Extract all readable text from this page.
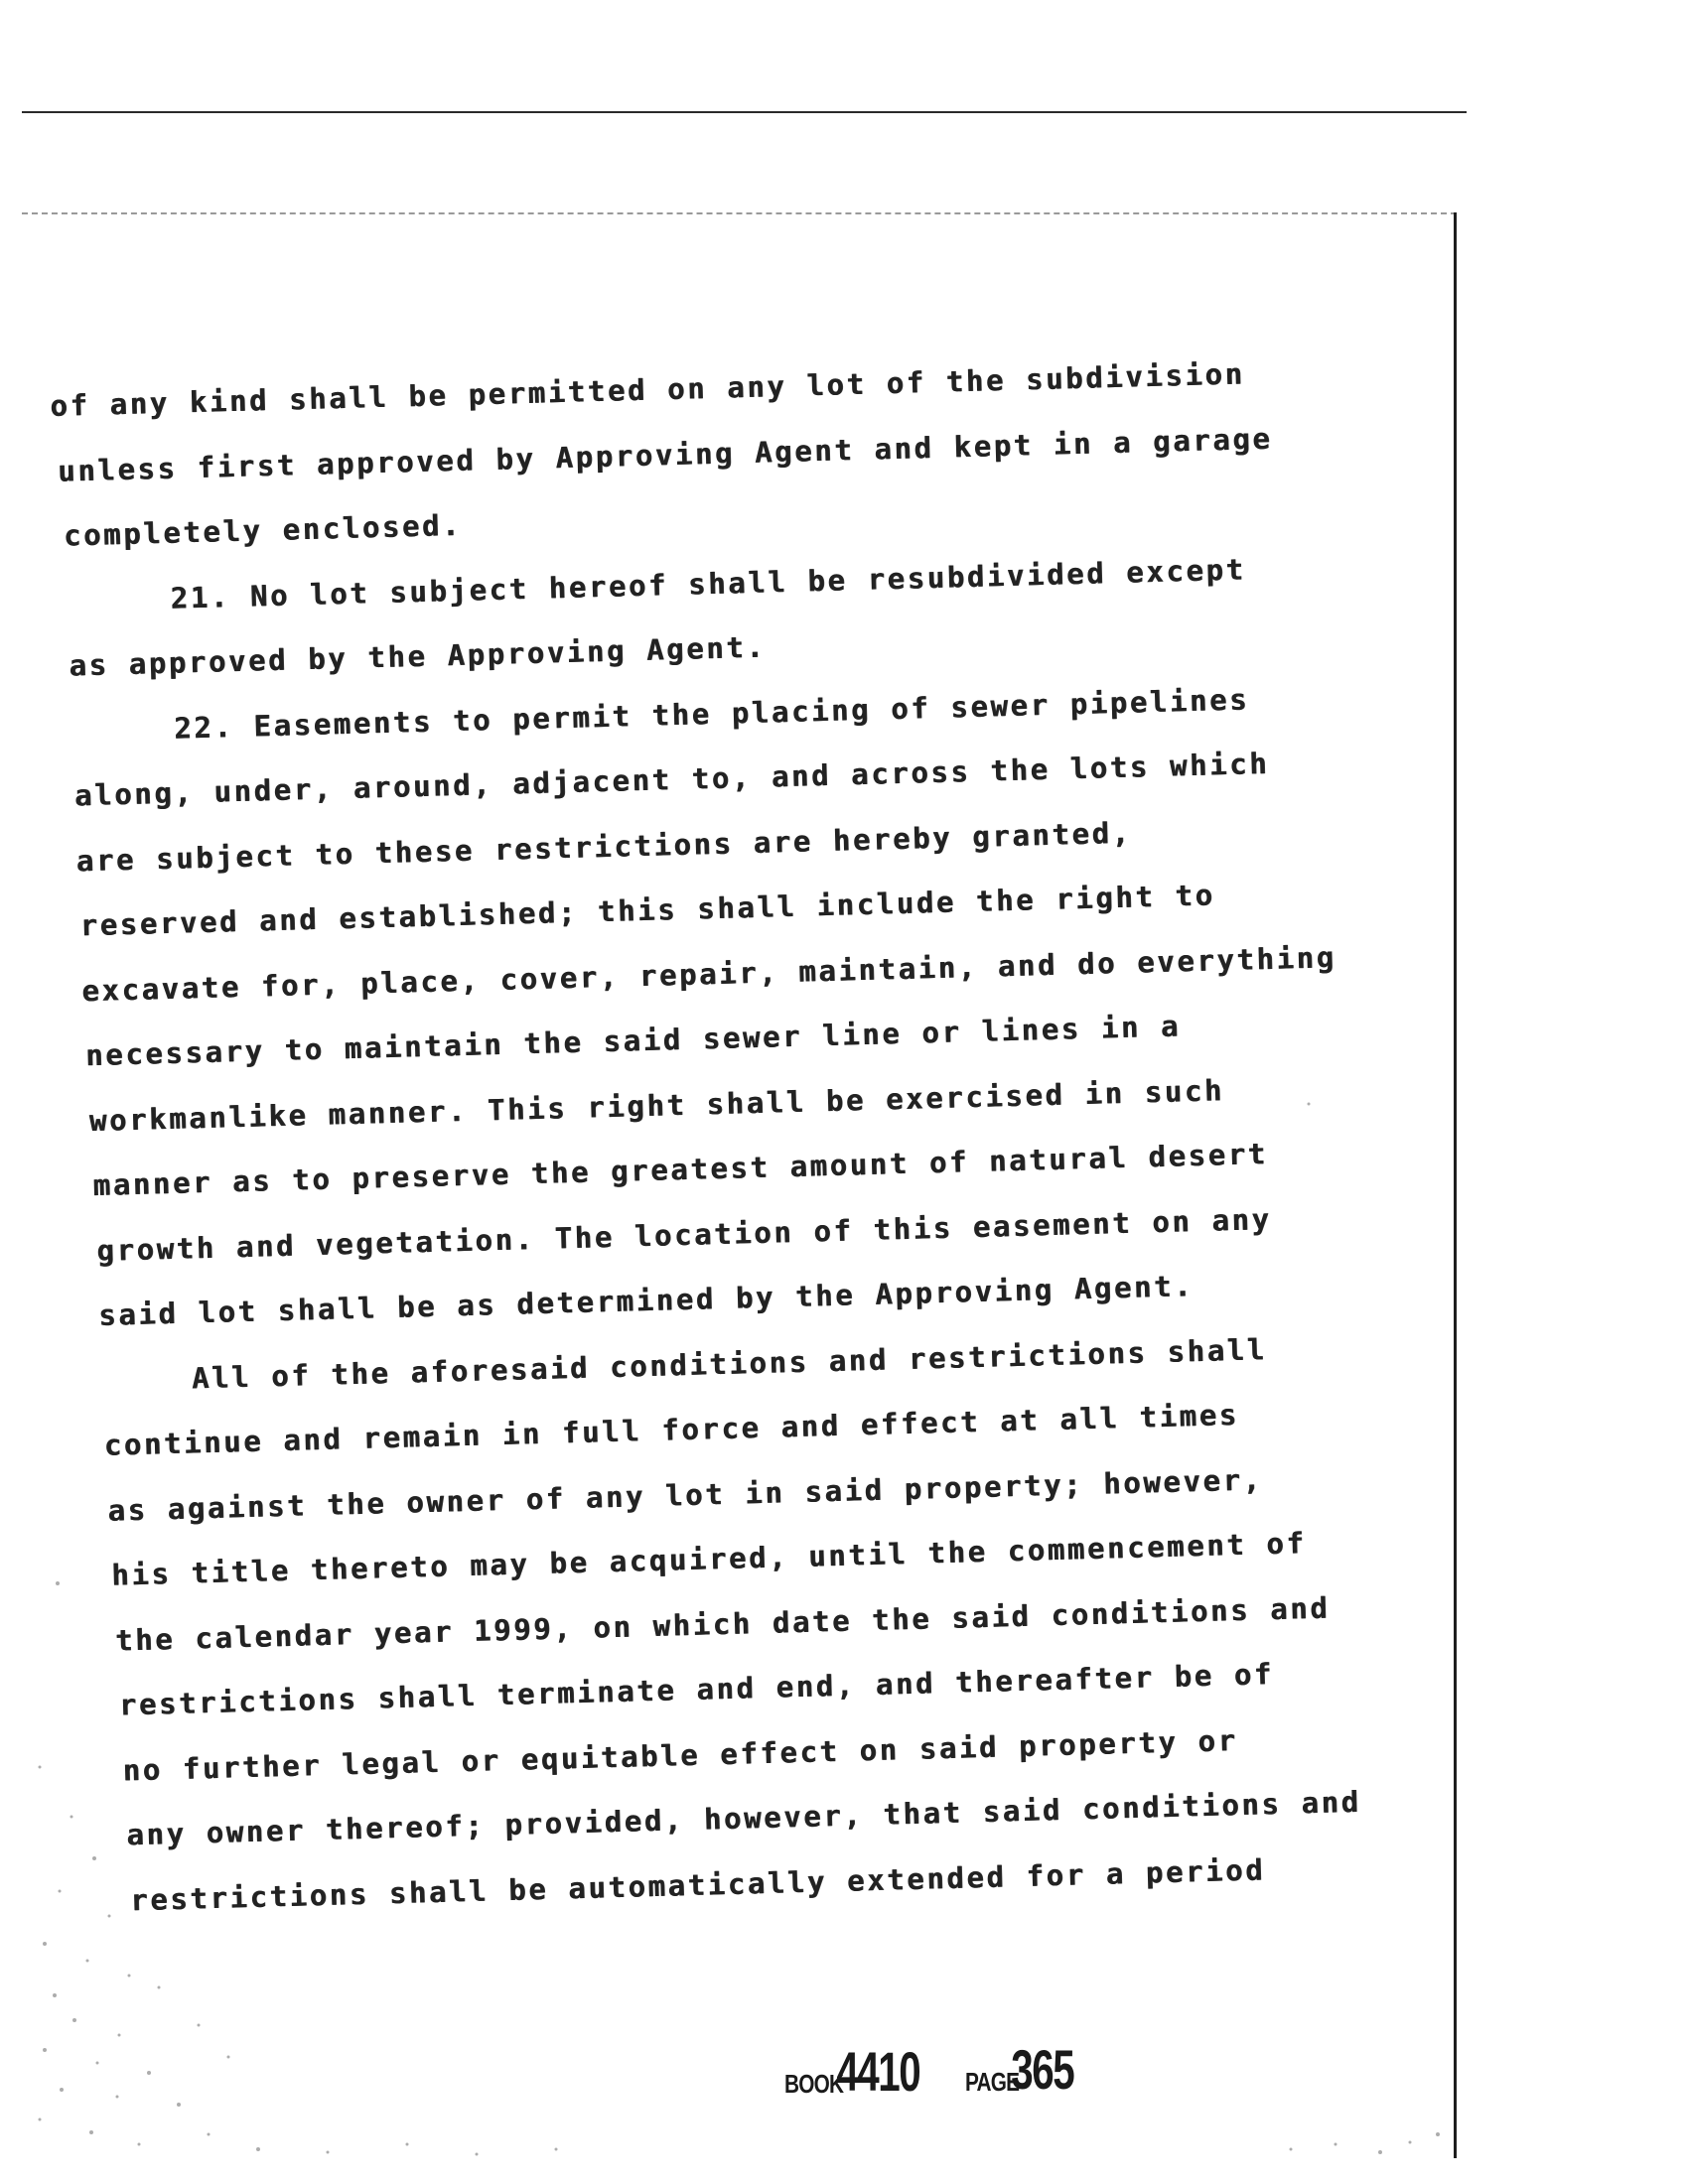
of any kind shall be permitted on any lot of the subdivision
unless first approved by Approving Agent and kept in a garage
completely enclosed.
21. No lot subject hereof shall be resubdivided except
as approved by the Approving Agent.
22. Easements to permit the placing of sewer pipelines
along, under, around, adjacent to, and across the lots which
are subject to these restrictions are hereby granted,
reserved and established; this shall include the right to
excavate for, place, cover, repair, maintain, and do everything
necessary to maintain the said sewer line or lines in a
workmanlike manner. This right shall be exercised in such
manner as to preserve the greatest amount of natural desert
growth and vegetation. The location of this easement on any
said lot shall be as determined by the Approving Agent.
All of the aforesaid conditions and restrictions shall
continue and remain in full force and effect at all times
as against the owner of any lot in said property; however,
his title thereto may be acquired, until the commencement of
the calendar year 1999, on which date the said conditions and
restrictions shall terminate and end, and thereafter be of
no further legal or equitable effect on said property or
any owner thereof; provided, however, that said conditions and
restrictions shall be automatically extended for a period
BOOK
4410 PAGE
365
